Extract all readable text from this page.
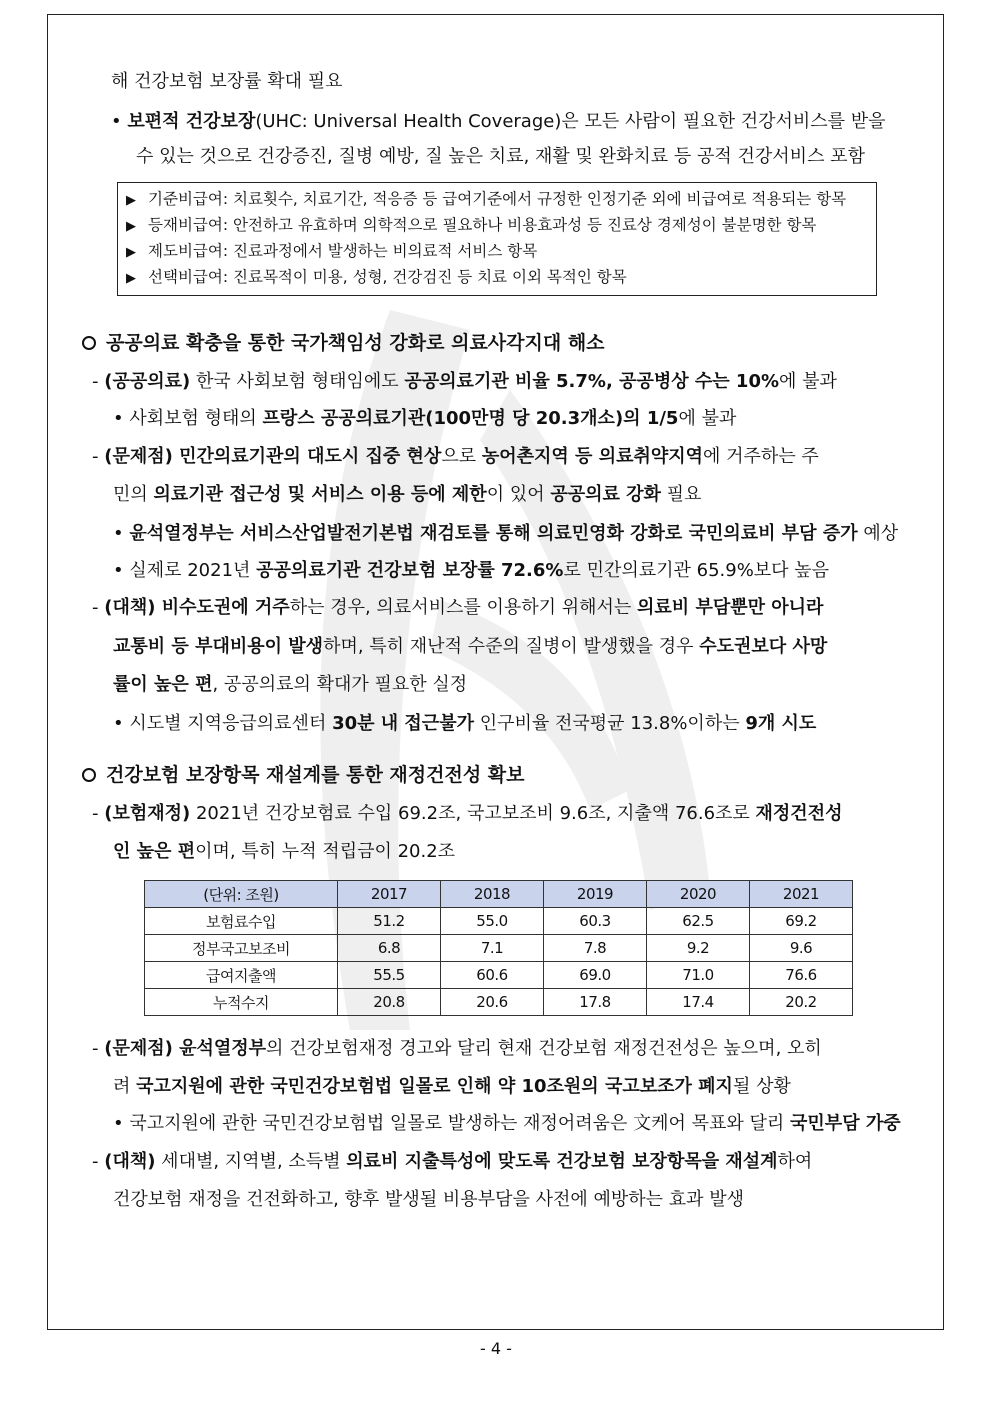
해 건강보험 보장률 확대 필요
• 보편적 건강보장(UHC: Universal Health Coverage)은 모든 사람이 필요한 건강서비스를 받을
수 있는 것으로 건강증진, 질병 예방, 질 높은 치료, 재활 및 완화치료 등 공적 건강서비스 포함
▶ 기준비급여: 치료횟수, 치료기간, 적응증 등 급여기준에서 규정한 인정기준 외에 비급여로 적용되는 항목
▶ 등재비급여: 안전하고 유효하며 의학적으로 필요하나 비용효과성 등 진료상 경제성이 불분명한 항목
▶ 제도비급여: 진료과정에서 발생하는 비의료적 서비스 항목
▶ 선택비급여: 진료목적이 미용, 성형, 건강검진 등 치료 이외 목적인 항목
공공의료 확충을 통한 국가책임성 강화로 의료사각지대 해소
- (공공의료) 한국 사회보험 형태임에도 공공의료기관 비율 5.7%, 공공병상 수는 10%에 불과
• 사회보험 형태의 프랑스 공공의료기관(100만명 당 20.3개소)의 1/5에 불과
- (문제점) 민간의료기관의 대도시 집중 현상으로 농어촌지역 등 의료취약지역에 거주하는 주
민의 의료기관 접근성 및 서비스 이용 등에 제한이 있어 공공의료 강화 필요
• 윤석열정부는 서비스산업발전기본법 재검토를 통해 의료민영화 강화로 국민의료비 부담 증가 예상
• 실제로 2021년 공공의료기관 건강보험 보장률 72.6%로 민간의료기관 65.9%보다 높음
- (대책) 비수도권에 거주하는 경우, 의료서비스를 이용하기 위해서는 의료비 부담뿐만 아니라
교통비 등 부대비용이 발생하며, 특히 재난적 수준의 질병이 발생했을 경우 수도권보다 사망
률이 높은 편, 공공의료의 확대가 필요한 실정
• 시도별 지역응급의료센터 30분 내 접근불가 인구비율 전국평균 13.8%이하는 9개 시도
건강보험 보장항목 재설계를 통한 재정건전성 확보
- (보험재정) 2021년 건강보험료 수입 69.2조, 국고보조비 9.6조, 지출액 76.6조로 재정건전성
인 높은 편이며, 특히 누적 적립금이 20.2조
(단위: 조원)	2017	2018	2019	2020	2021
보험료수입	51.2	55.0	60.3	62.5	69.2
정부국고보조비	6.8	7.1	7.8	9.2	9.6
급여지출액	55.5	60.6	69.0	71.0	76.6
누적수지	20.8	20.6	17.8	17.4	20.2
- (문제점) 윤석열정부의 건강보험재정 경고와 달리 현재 건강보험 재정건전성은 높으며, 오히
려 국고지원에 관한 국민건강보험법 일몰로 인해 약 10조원의 국고보조가 폐지될 상황
• 국고지원에 관한 국민건강보험법 일몰로 발생하는 재정어려움은 文케어 목표와 달리 국민부담 가중
- (대책) 세대별, 지역별, 소득별 의료비 지출특성에 맞도록 건강보험 보장항목을 재설계하여
건강보험 재정을 건전화하고, 향후 발생될 비용부담을 사전에 예방하는 효과 발생
- 4 -
